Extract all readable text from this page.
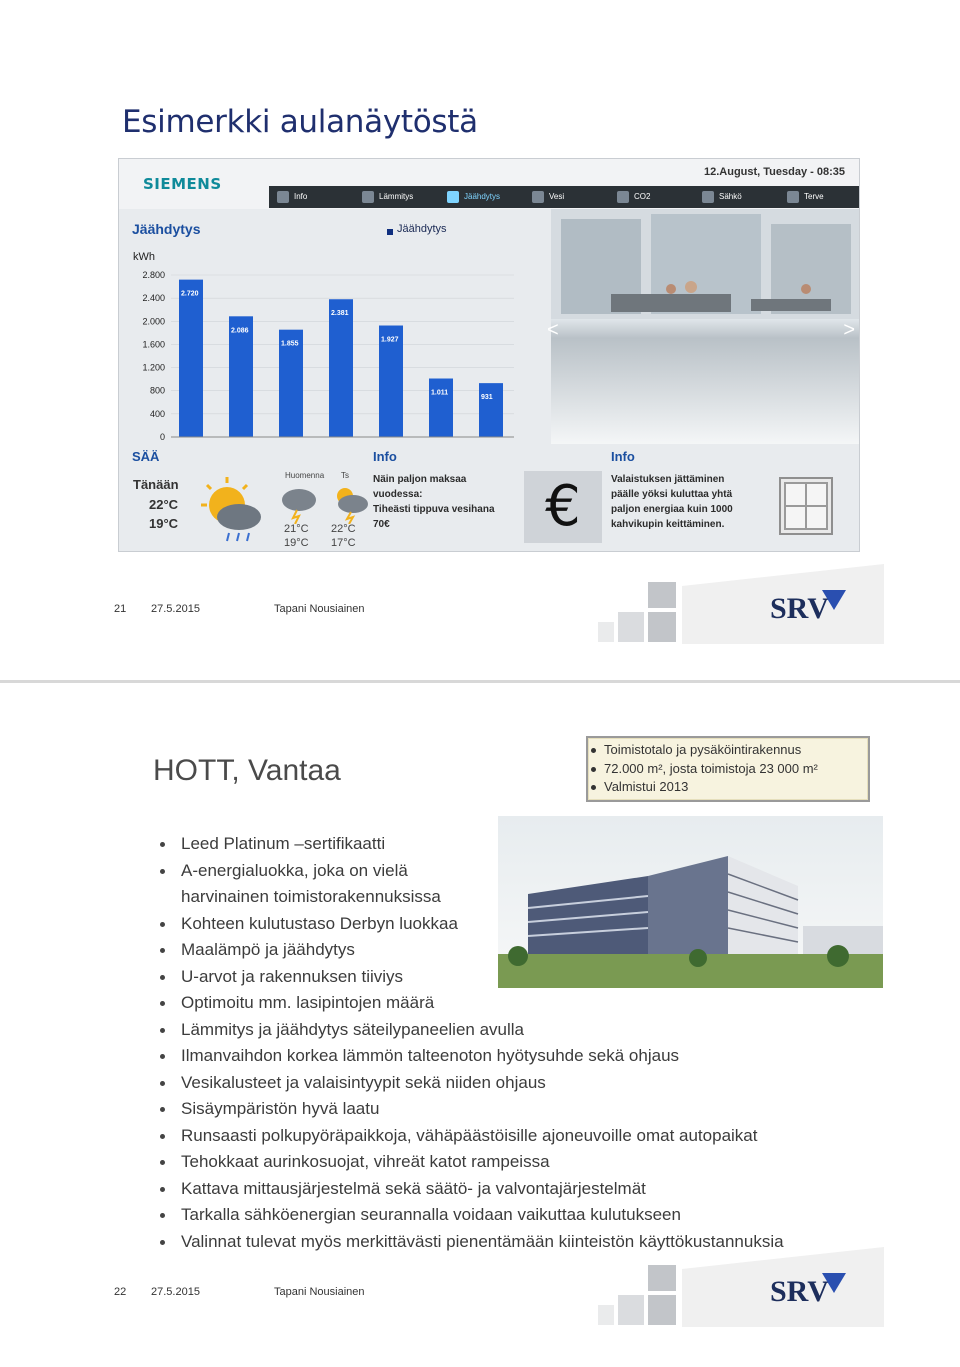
Esimerkki aulanäytöstä
SIEMENS
12.August, Tuesday - 08:35
Info	Lämmitys	Jäähdytys	Vesi	CO2	Sähkö	Terve
Jäähdytys
kWh
Jäähdytys
2.800
2.400
2.000
1.600
1.200
800
400
0
2.720
2.086
1.855
2.381
1.927
1.011
931
<	>
SÄÄ
Tänään
22°C
19°C
Huomenna Ts
21°C
19°C
22°C
17°C
Info
Näin paljon maksaa
vuodessa:
Tiheästi tippuva vesihana
70€	€
Info
Valaistuksen jättäminen
päälle yöksi kuluttaa yhtä
paljon energiaa kuin 1000
kahvikupin keittäminen.
21 27.5.2015	Tapani Nousiainen	SRV
HOTT, Vantaa
Toimistotalo ja pysäköintirakennus
72.000 m², josta toimistoja 23 000 m²
Valmistui 2013
Leed Platinum –sertifikaatti
A-energialuokka, joka on vielä
harvinainen toimistorakennuksissa
Kohteen kulutustaso Derbyn luokkaa
Maalämpö ja jäähdytys
U-arvot ja rakennuksen tiiviys
Optimoitu mm. lasipintojen määrä
Lämmitys ja jäähdytys säteilypaneelien avulla
Ilmanvaihdon korkea lämmön talteenoton hyötysuhde sekä ohjaus
Vesikalusteet ja valaisintyypit sekä niiden ohjaus
Sisäympäristön hyvä laatu
Runsaasti polkupyöräpaikkoja, vähäpäästöisille ajoneuvoille omat autopaikat
Tehokkaat aurinkosuojat, vihreät katot rampeissa
Kattava mittausjärjestelmä sekä säätö- ja valvontajärjestelmät
Tarkalla sähköenergian seurannalla voidaan vaikuttaa kulutukseen
Valinnat tulevat myös merkittävästi pienentämään kiinteistön käyttökustannuksia
22 27.5.2015	Tapani Nousiainen	SRV
